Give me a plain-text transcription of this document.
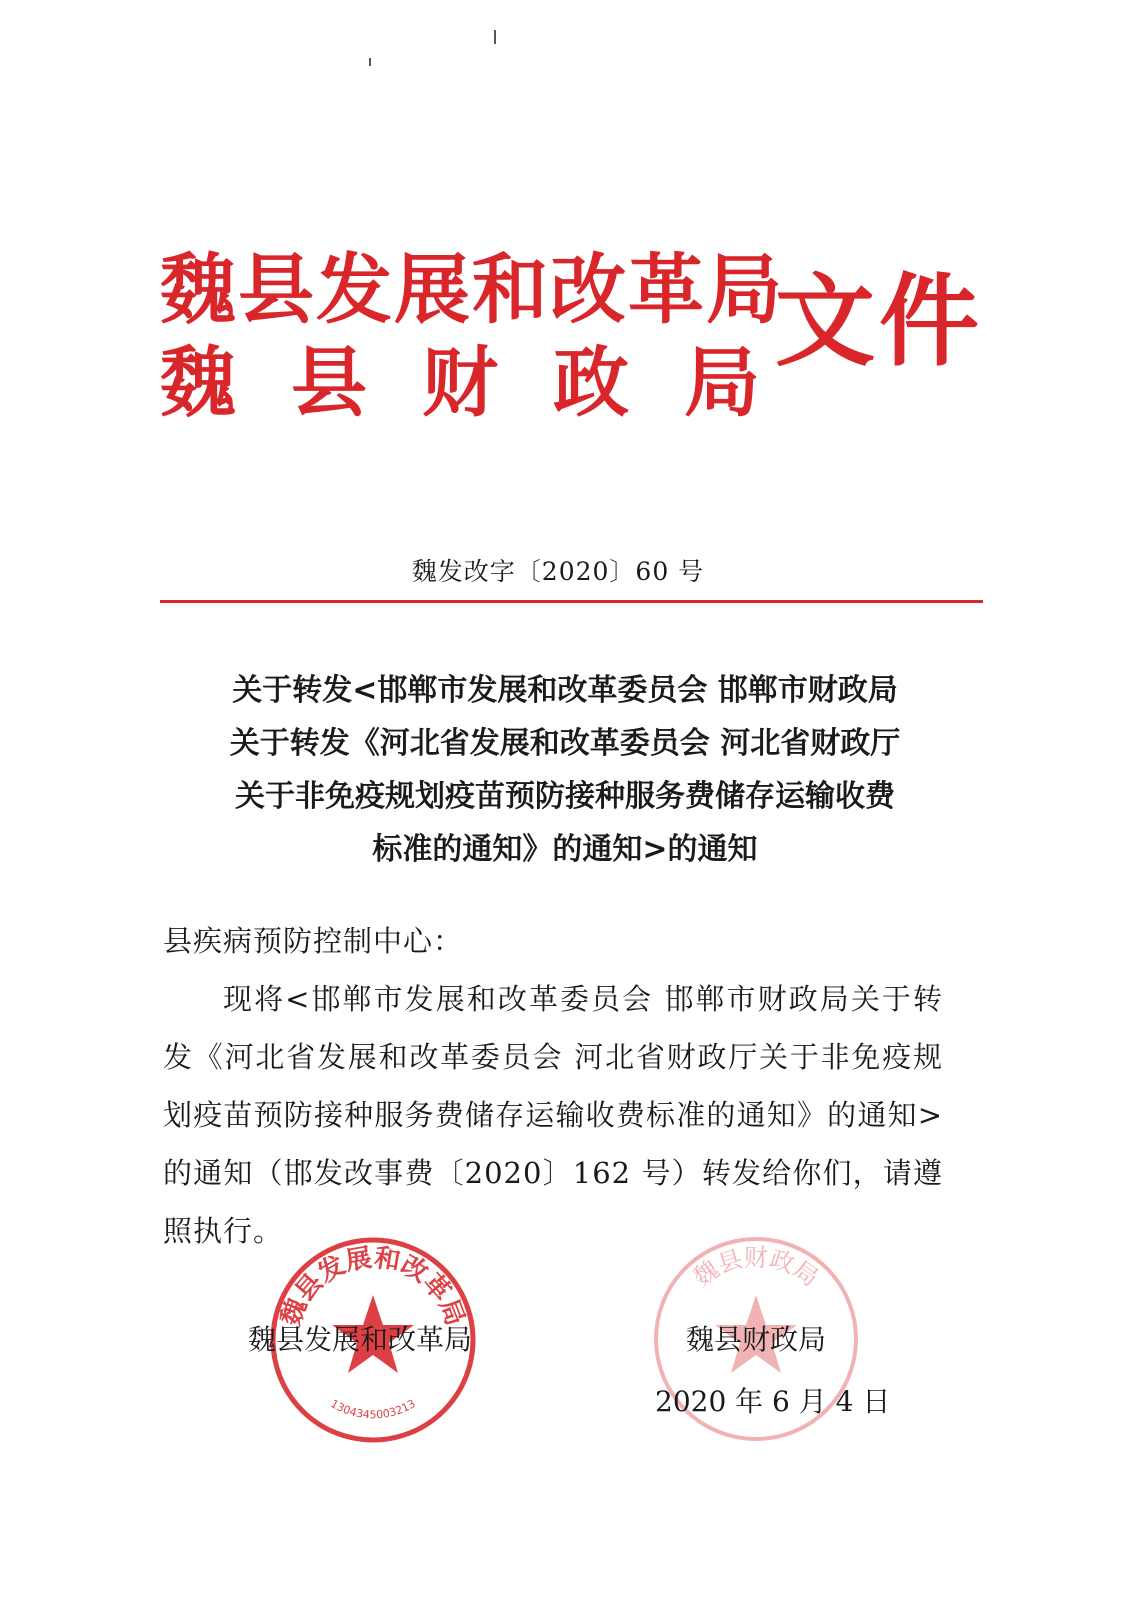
魏县发展和改革局
魏县财政局
文件
魏发改字〔2020〕60 号
关于转发<邯郸市发展和改革委员会 邯郸市财政局
关于转发《河北省发展和改革委员会 河北省财政厅
关于非免疫规划疫苗预防接种服务费储存运输收费
标准的通知》的通知>的通知
县疾病预防控制中心：
现将<邯郸市发展和改革委员会 邯郸市财政局关于转发《河北省发展和改革委员会 河北省财政厅关于非免疫规划疫苗预防接种服务费储存运输收费标准的通知》的通知>的通知（邯发改事费〔2020〕162 号）转发给你们，请遵照执行。
魏县发展和改革局
1304345003213
魏县财政局
魏县发展和改革局	魏县财政局
2020 年 6 月 4 日
